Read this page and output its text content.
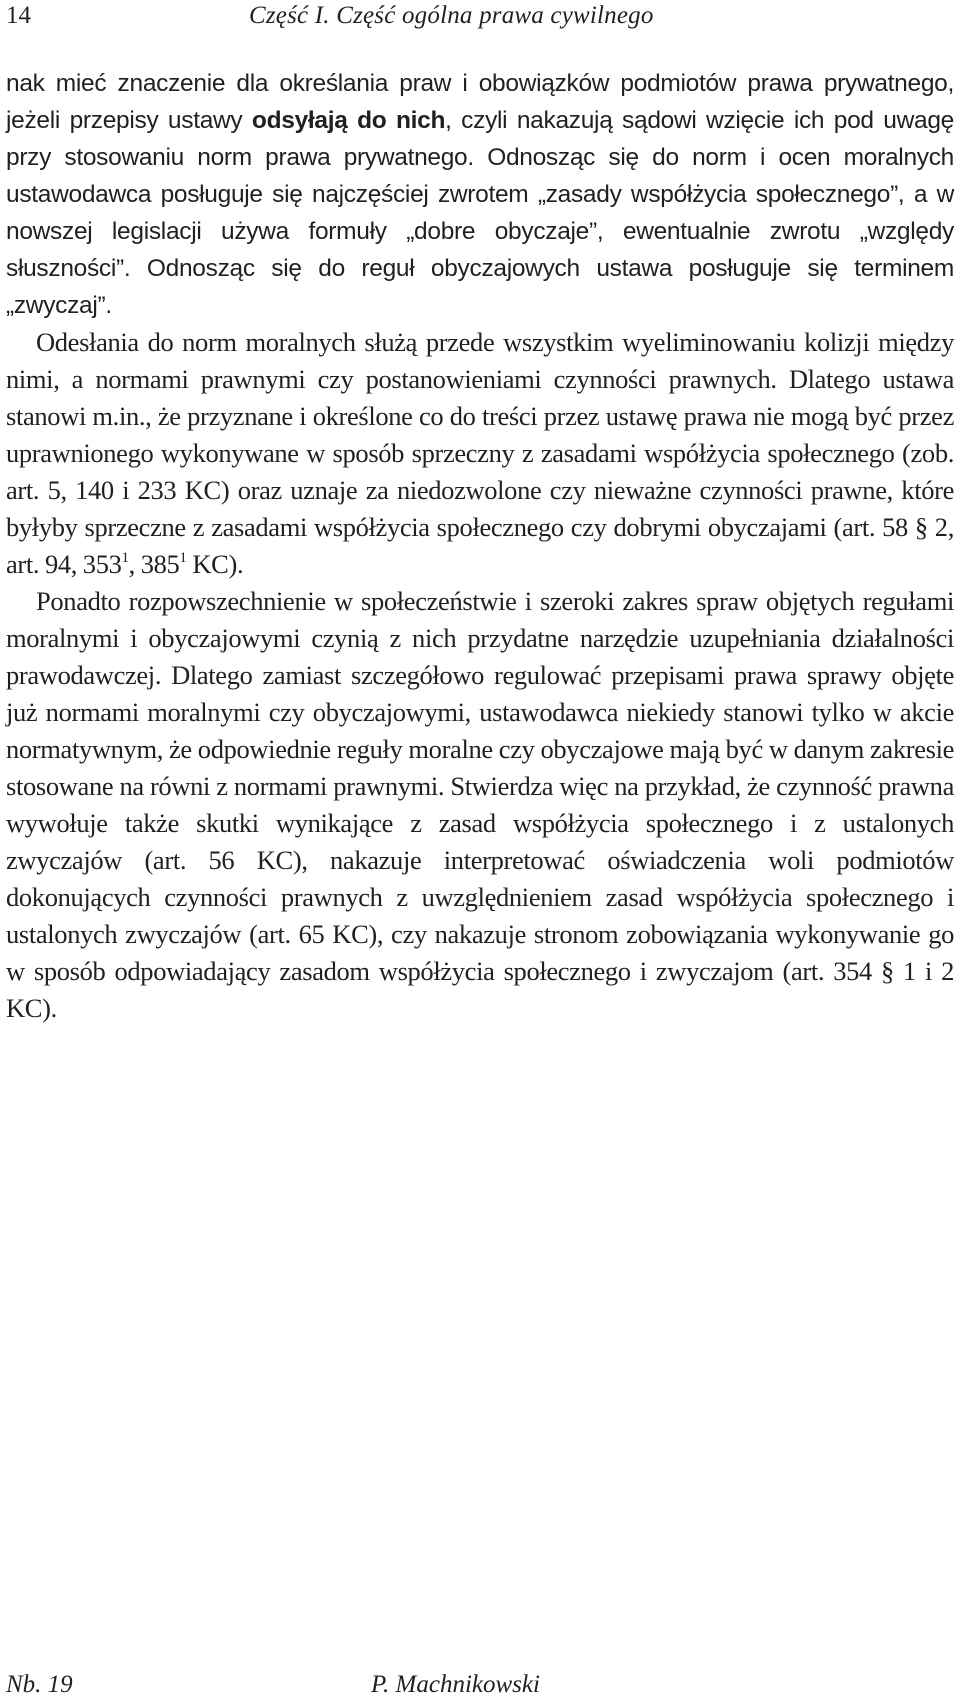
14	Część I. Część ogólna prawa cywilnego

nak mieć znaczenie dla określania praw i obowiązków podmiotów prawa prywatnego, jeżeli przepisy ustawy odsyłają do nich, czyli nakazują sądowi wzięcie ich pod uwagę przy stosowaniu norm prawa prywatnego. Odnosząc się do norm i ocen moralnych ustawodawca posługuje się najczęściej zwrotem „zasady współżycia społecznego”, a w nowszej legislacji używa formuły „dobre obyczaje”, ewentualnie zwrotu „względy słuszności”. Odnosząc się do reguł obyczajowych ustawa posługuje się terminem „zwyczaj”.

Odesłania do norm moralnych służą przede wszystkim wyeliminowaniu kolizji między nimi, a normami prawnymi czy postanowieniami czynności prawnych. Dlatego ustawa stanowi m.in., że przyznane i określone co do treści przez ustawę prawa nie mogą być przez uprawnionego wykonywane w sposób sprzeczny z zasadami współżycia społecznego (zob. art. 5, 140 i 233 KC) oraz uznaje za niedozwolone czy nieważne czynności prawne, które byłyby sprzeczne z zasadami współżycia społecznego czy dobrymi obyczajami (art. 58 § 2, art. 94, $353^1$, $385^1$ KC).

Ponadto rozpowszechnienie w społeczeństwie i szeroki zakres spraw objętych regułami moralnymi i obyczajowymi czynią z nich przydatne narzędzie uzupełniania działalności prawodawczej. Dlatego zamiast szczegółowo regulować przepisami prawa sprawy objęte już normami moralnymi czy obyczajowymi, ustawodawca niekiedy stanowi tylko w akcie normatywnym, że odpowiednie reguły moralne czy obyczajowe mają być w danym zakresie stosowane na równi z normami prawnymi. Stwierdza więc na przykład, że czynność prawna wywołuje także skutki wynikające z zasad współżycia społecznego i z ustalonych zwyczajów (art. 56 KC), nakazuje interpretować oświadczenia woli podmiotów dokonujących czynności prawnych z uwzględnieniem zasad współżycia społecznego i ustalonych zwyczajów (art. 65 KC), czy nakazuje stronom zobowiązania wykonywanie go w sposób odpowiadający zasadom współżycia społecznego i zwyczajom (art. 354 § 1 i 2 KC).

Nb. 19	P. Machnikowski
